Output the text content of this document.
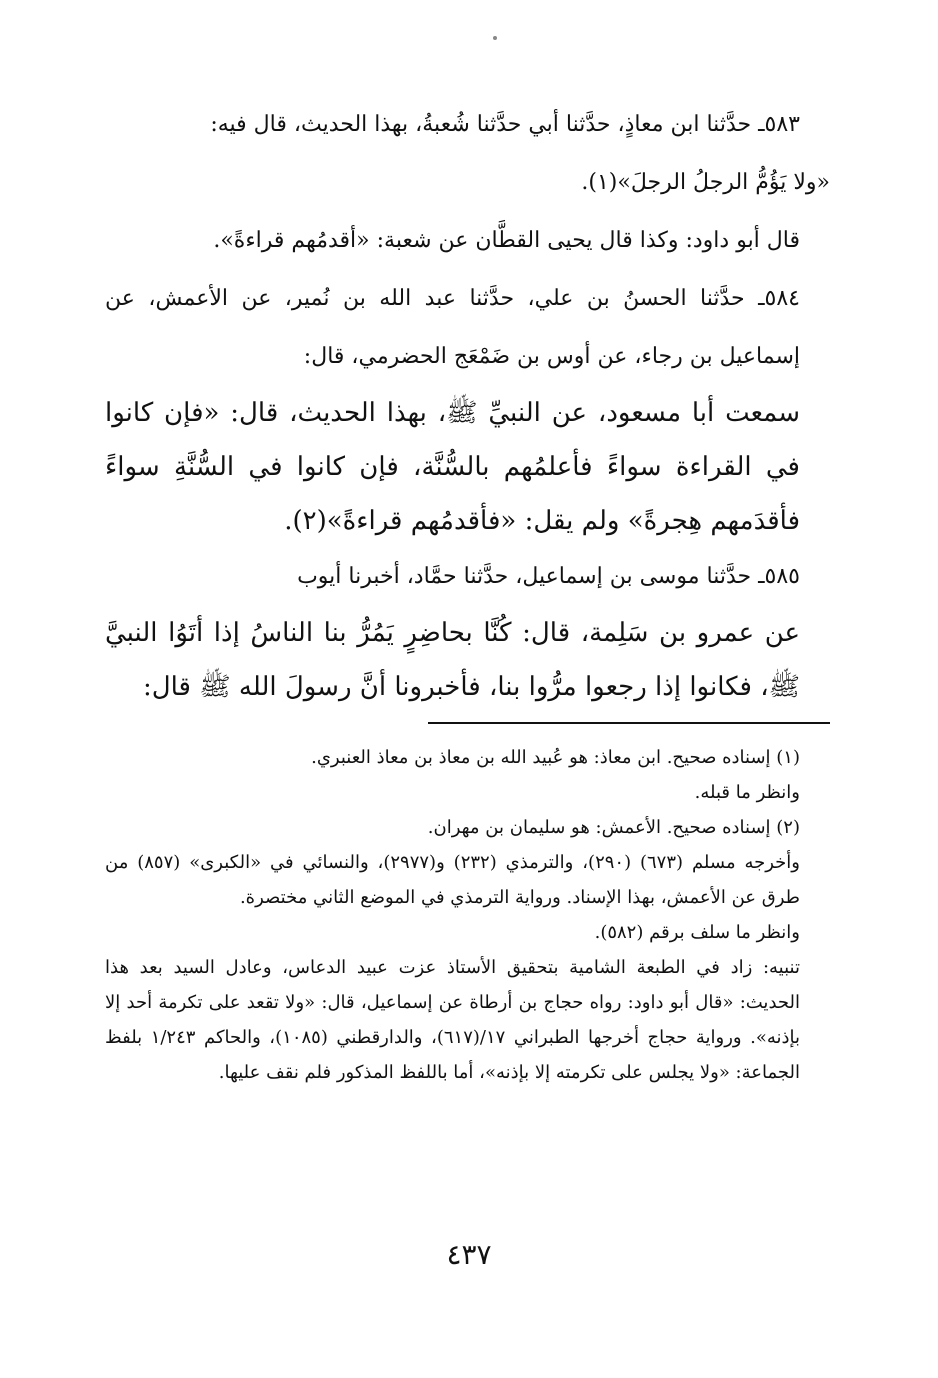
٥٨٣ـ حدَّثنا ابن معاذٍ، حدَّثنا أبي حدَّثنا شُعبةُ، بهذا الحديث، قال فيه:

«ولا يَؤُمُّ الرجلُ الرجلَ»(١).

قال أبو داود: وكذا قال يحيى القطَّان عن شعبة: «أقدمُهم قراءةً».

٥٨٤ـ حدَّثنا الحسنُ بن علي، حدَّثنا عبد الله بن نُمير، عن الأعمش، عن إسماعيل بن رجاء، عن أوس بن ضَمْعَج الحضرمي، قال:

سمعت أبا مسعود، عن النبيِّ ﷺ، بهذا الحديث، قال: «فإن كانوا في القراءة سواءً فأعلمُهم بالسُّنَّة، فإن كانوا في السُّنَّةِ سواءً فأقدَمهم هِجرةً» ولم يقل: «فأقدمُهم قراءةً»(٢).

٥٨٥ـ حدَّثنا موسى بن إسماعيل، حدَّثنا حمَّاد، أخبرنا أيوب

عن عمرو بن سَلِمة، قال: كُنَّا بحاضِرٍ يَمُرُّ بنا الناسُ إذا أتَوُا النبيَّ ﷺ، فكانوا إذا رجعوا مرُّوا بنا، فأخبرونا أنَّ رسولَ الله ﷺ قال:

(١) إسناده صحيح. ابن معاذ: هو عُبيد الله بن معاذ بن معاذ العنبري.

وانظر ما قبله.

(٢) إسناده صحيح. الأعمش: هو سليمان بن مهران.

وأخرجه مسلم (٦٧٣) (٢٩٠)، والترمذي (٢٣٢) و(٢٩٧٧)، والنسائي في «الكبرى» (٨٥٧) من طرق عن الأعمش، بهذا الإسناد. ورواية الترمذي في الموضع الثاني مختصرة.

وانظر ما سلف برقم (٥٨٢).

تنبيه: زاد في الطبعة الشامية بتحقيق الأستاذ عزت عبيد الدعاس، وعادل السيد بعد هذا الحديث: «قال أبو داود: رواه حجاج بن أرطاة عن إسماعيل، قال: «ولا تقعد على تكرمة أحد إلا بإذنه». ورواية حجاج أخرجها الطبراني ١٧/(٦١٧)، والدارقطني (١٠٨٥)، والحاكم ١/٢٤٣ بلفظ الجماعة: «ولا يجلس على تكرمته إلا بإذنه»، أما باللفظ المذكور فلم نقف عليها.

٤٣٧
